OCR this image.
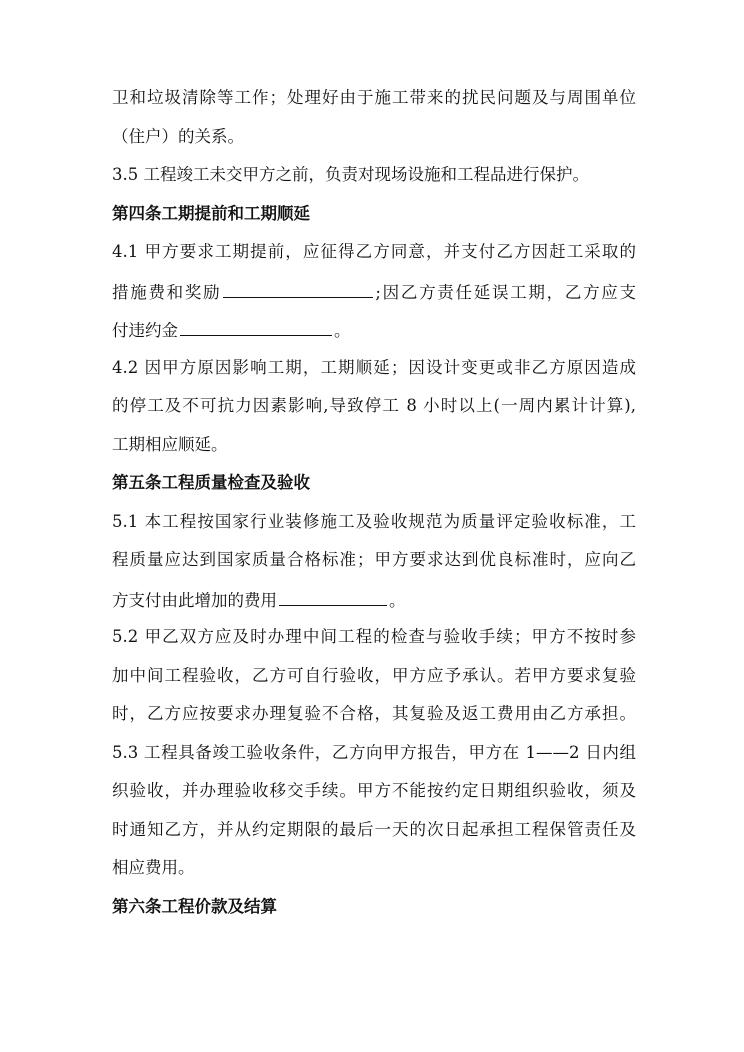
卫和垃圾清除等工作；处理好由于施工带来的扰民问题及与周围单位
（住户）的关系。
3.5 工程竣工未交甲方之前，负责对现场设施和工程品进行保护。
第四条工期提前和工期顺延
4.1 甲方要求工期提前，应征得乙方同意，并支付乙方因赶工采取的
措施费和奖励	;因乙方责任延误工期，乙方应支
付违约金	。
4.2 因甲方原因影响工期，工期顺延；因设计变更或非乙方原因造成
的停工及不可抗力因素影响,导致停工 8 小时以上(一周内累计计算),
工期相应顺延。
第五条工程质量检查及验收
5.1 本工程按国家行业装修施工及验收规范为质量评定验收标准，工
程质量应达到国家质量合格标准；甲方要求达到优良标准时，应向乙
方支付由此增加的费用	。
5.2 甲乙双方应及时办理中间工程的检查与验收手续；甲方不按时参
加中间工程验收，乙方可自行验收，甲方应予承认。若甲方要求复验
时，乙方应按要求办理复验不合格，其复验及返工费用由乙方承担。
5.3 工程具备竣工验收条件，乙方向甲方报告，甲方在 1——2 日内组
织验收，并办理验收移交手续。甲方不能按约定日期组织验收，须及
时通知乙方，并从约定期限的最后一天的次日起承担工程保管责任及
相应费用。
第六条工程价款及结算
